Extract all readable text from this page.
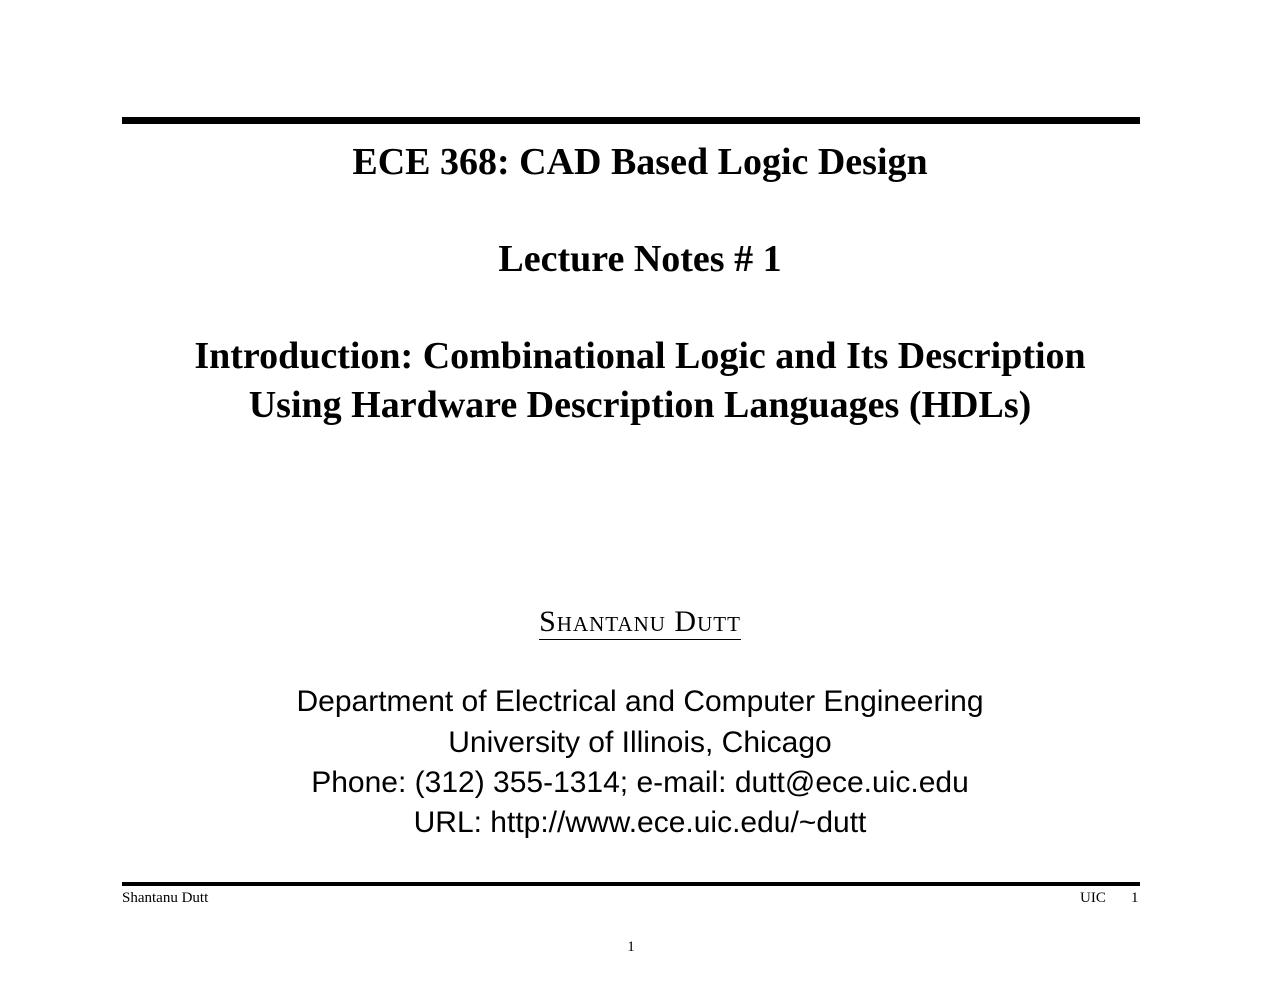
ECE 368: CAD Based Logic Design
Lecture Notes # 1
Introduction: Combinational Logic and Its Description
Using Hardware Description Languages (HDLs)
Shantanu Dutt
Department of Electrical and Computer Engineering
University of Illinois, Chicago
Phone: (312) 355-1314; e-mail: dutt@ece.uic.edu
URL: http://www.ece.uic.edu/~dutt
Shantanu Dutt	UIC 1
1
